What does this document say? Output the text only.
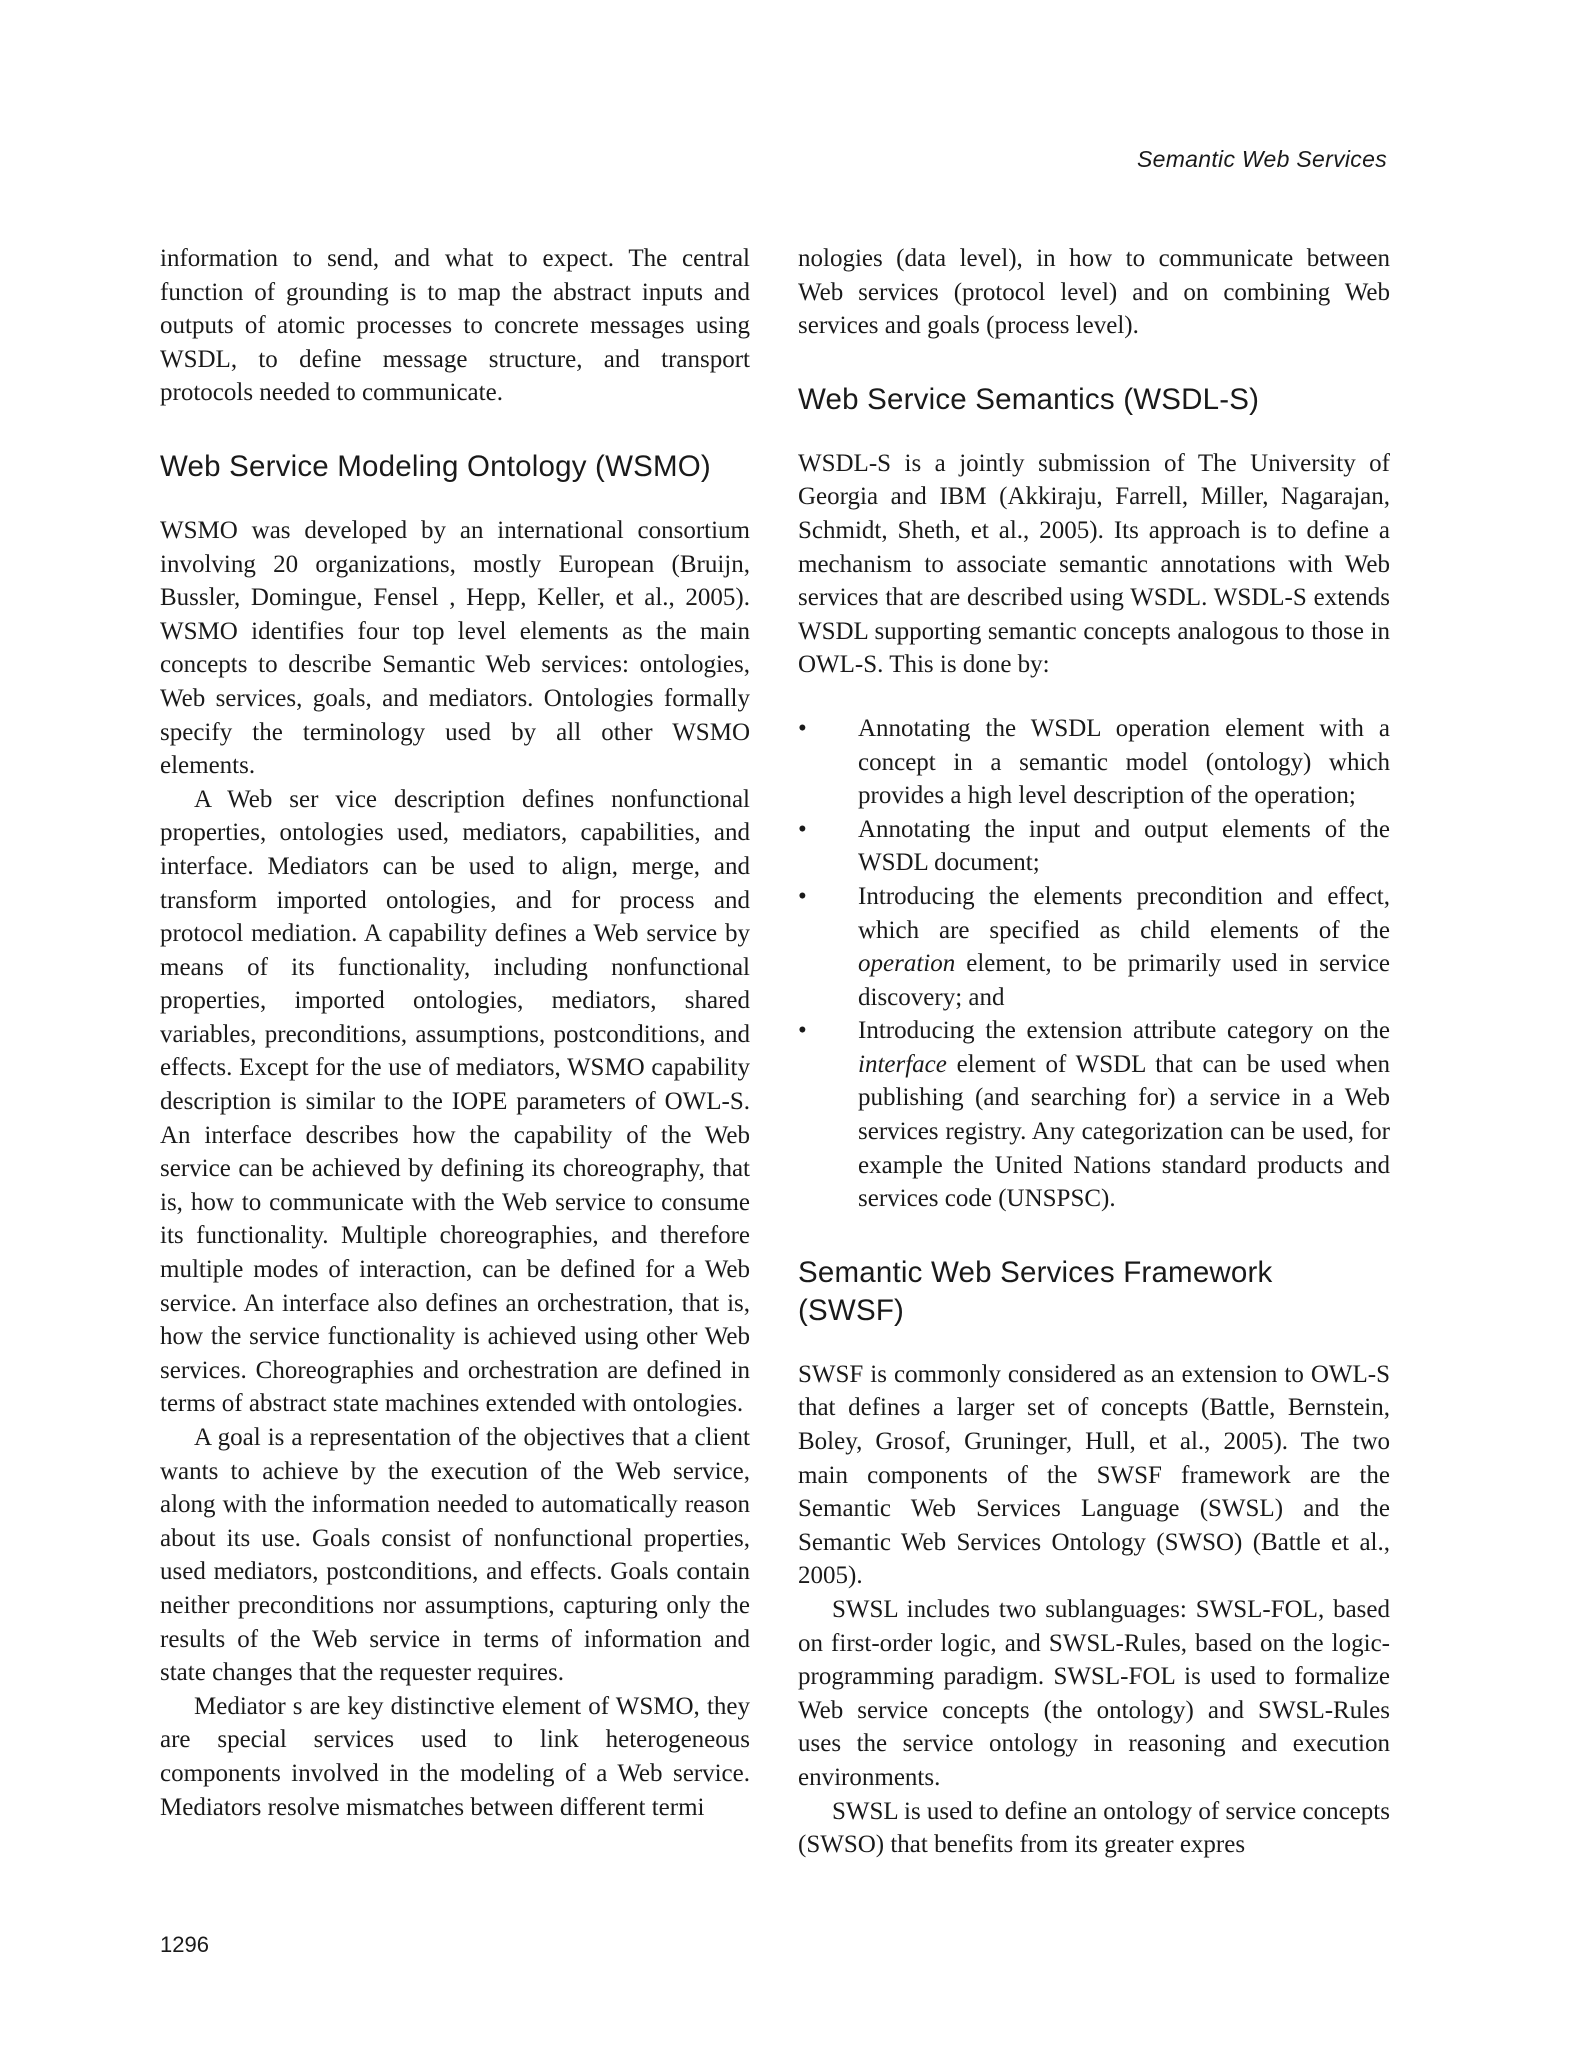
Semantic Web Services

information to send, and what to expect. The central function of grounding is to map the abstract inputs and outputs of atomic processes to concrete messages using WSDL, to define message structure, and transport protocols needed to communicate.

Web Service Modeling Ontology (WSMO)

WSMO was developed by an international consortium involving 20 organizations, mostly European (Bruijn, Bussler, Domingue, Fensel , Hepp, Keller, et al., 2005). WSMO identifies four top level elements as the main concepts to describe Semantic Web services: ontologies, Web services, goals, and mediators. Ontologies formally specify the terminology used by all other WSMO elements.

A Web ser vice description defines nonfunctional properties, ontologies used, mediators, capabilities, and interface. Mediators can be used to align, merge, and transform imported ontologies, and for process and protocol mediation. A capability defines a Web service by means of its functionality, including nonfunctional properties, imported ontologies, mediators, shared variables, preconditions, assumptions, postconditions, and effects. Except for the use of mediators, WSMO capability description is similar to the IOPE parameters of OWL-S. An interface describes how the capability of the Web service can be achieved by defining its choreography, that is, how to communicate with the Web service to consume its functionality. Multiple choreographies, and therefore multiple modes of interaction, can be defined for a Web service. An interface also defines an orchestration, that is, how the service functionality is achieved using other Web services. Choreographies and orchestration are defined in terms of abstract state machines extended with ontologies.

A goal is a representation of the objectives that a client wants to achieve by the execution of the Web service, along with the information needed to automatically reason about its use. Goals consist of nonfunctional properties, used mediators, postconditions, and effects. Goals contain neither preconditions nor assumptions, capturing only the results of the Web service in terms of information and state changes that the requester requires.

Mediator s are key distinctive element of WSMO, they are special services used to link heterogeneous components involved in the modeling of a Web service. Mediators resolve mismatches between different termi

nologies (data level), in how to communicate between Web services (protocol level) and on combining Web services and goals (process level).

Web Service Semantics (WSDL-S)

WSDL-S is a jointly submission of The University of Georgia and IBM (Akkiraju, Farrell, Miller, Nagarajan, Schmidt, Sheth, et al., 2005). Its approach is to define a mechanism to associate semantic annotations with Web services that are described using WSDL. WSDL-S extends WSDL supporting semantic concepts analogous to those in OWL-S. This is done by:

• Annotating the WSDL operation element with a concept in a semantic model (ontology) which provides a high level description of the operation;
• Annotating the input and output elements of the WSDL document;
• Introducing the elements precondition and effect, which are specified as child elements of the operation element, to be primarily used in service discovery; and
• Introducing the extension attribute category on the interface element of WSDL that can be used when publishing (and searching for) a service in a Web services registry. Any categorization can be used, for example the United Nations standard products and services code (UNSPSC).
Semantic Web Services Framework (SWSF)

SWSF is commonly considered as an extension to OWL-S that defines a larger set of concepts (Battle, Bernstein, Boley, Grosof, Gruninger, Hull, et al., 2005). The two main components of the SWSF framework are the Semantic Web Services Language (SWSL) and the Semantic Web Services Ontology (SWSO) (Battle et al., 2005).

SWSL includes two sublanguages: SWSL-FOL, based on first-order logic, and SWSL-Rules, based on the logic-programming paradigm. SWSL-FOL is used to formalize Web service concepts (the ontology) and SWSL-Rules uses the service ontology in reasoning and execution environments.

SWSL is used to define an ontology of service concepts (SWSO) that benefits from its greater expres

1296
